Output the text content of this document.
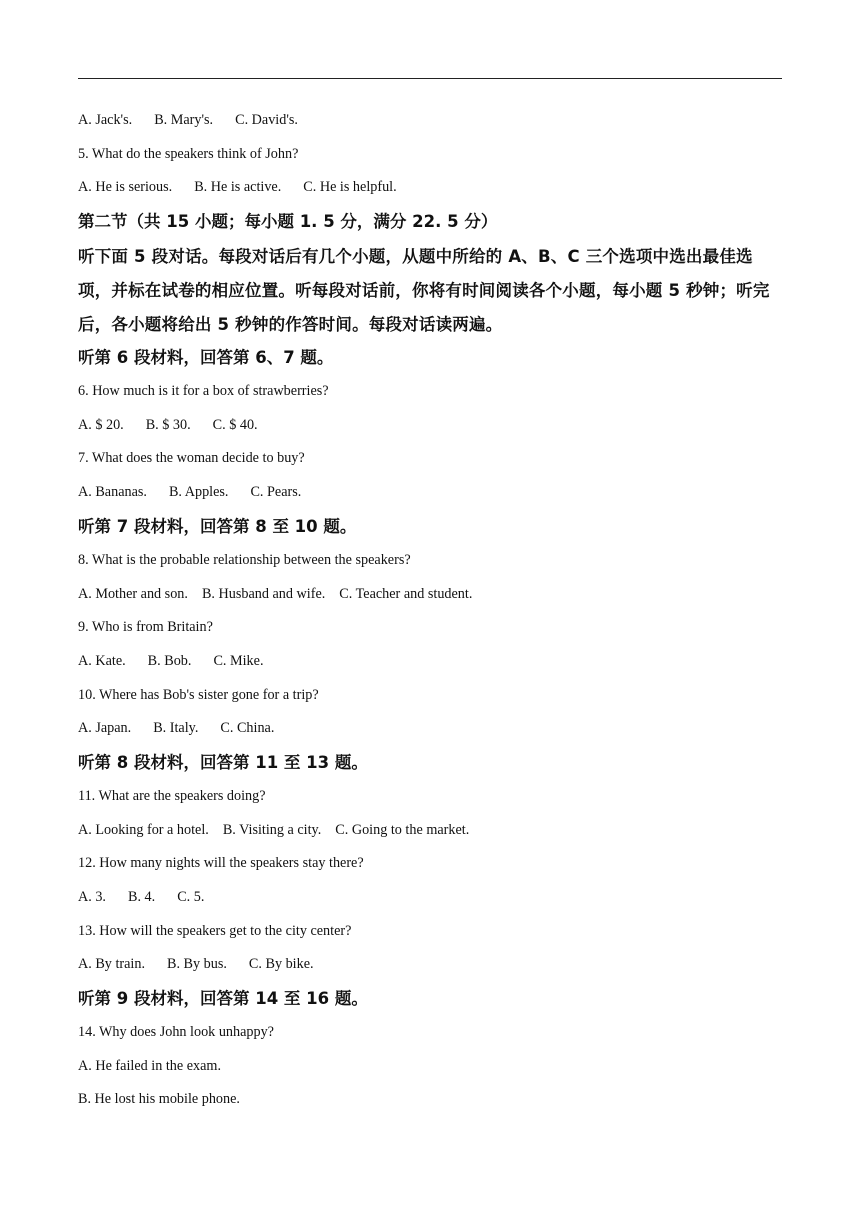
A. Jack's. B. Mary's. C. David's.
5. What do the speakers think of John?
A. He is serious. B. He is active. C. He is helpful.
第二节（共 15 小题；每小题 1. 5 分，满分 22. 5 分）
听下面 5 段对话。每段对话后有几个小题，从题中所给的 A、B、C 三个选项中选出最佳选项，并标在试卷的相应位置。听每段对话前，你将有时间阅读各个小题，每小题 5 秒钟；听完后，各小题将给出 5 秒钟的作答时间。每段对话读两遍。
听第 6 段材料，回答第 6、7 题。
6. How much is it for a box of strawberries?
A. $ 20. B. $ 30. C. $ 40.
7. What does the woman decide to buy?
A. Bananas. B. Apples. C. Pears.
听第 7 段材料，回答第 8 至 10 题。
8. What is the probable relationship between the speakers?
A. Mother and son. B. Husband and wife. C. Teacher and student.
9. Who is from Britain?
A. Kate. B. Bob. C. Mike.
10. Where has Bob's sister gone for a trip?
A. Japan. B. Italy. C. China.
听第 8 段材料，回答第 11 至 13 题。
11. What are the speakers doing?
A. Looking for a hotel. B. Visiting a city. C. Going to the market.
12. How many nights will the speakers stay there?
A. 3. B. 4. C. 5.
13. How will the speakers get to the city center?
A. By train. B. By bus. C. By bike.
听第 9 段材料，回答第 14 至 16 题。
14. Why does John look unhappy?
A. He failed in the exam.
B. He lost his mobile phone.
